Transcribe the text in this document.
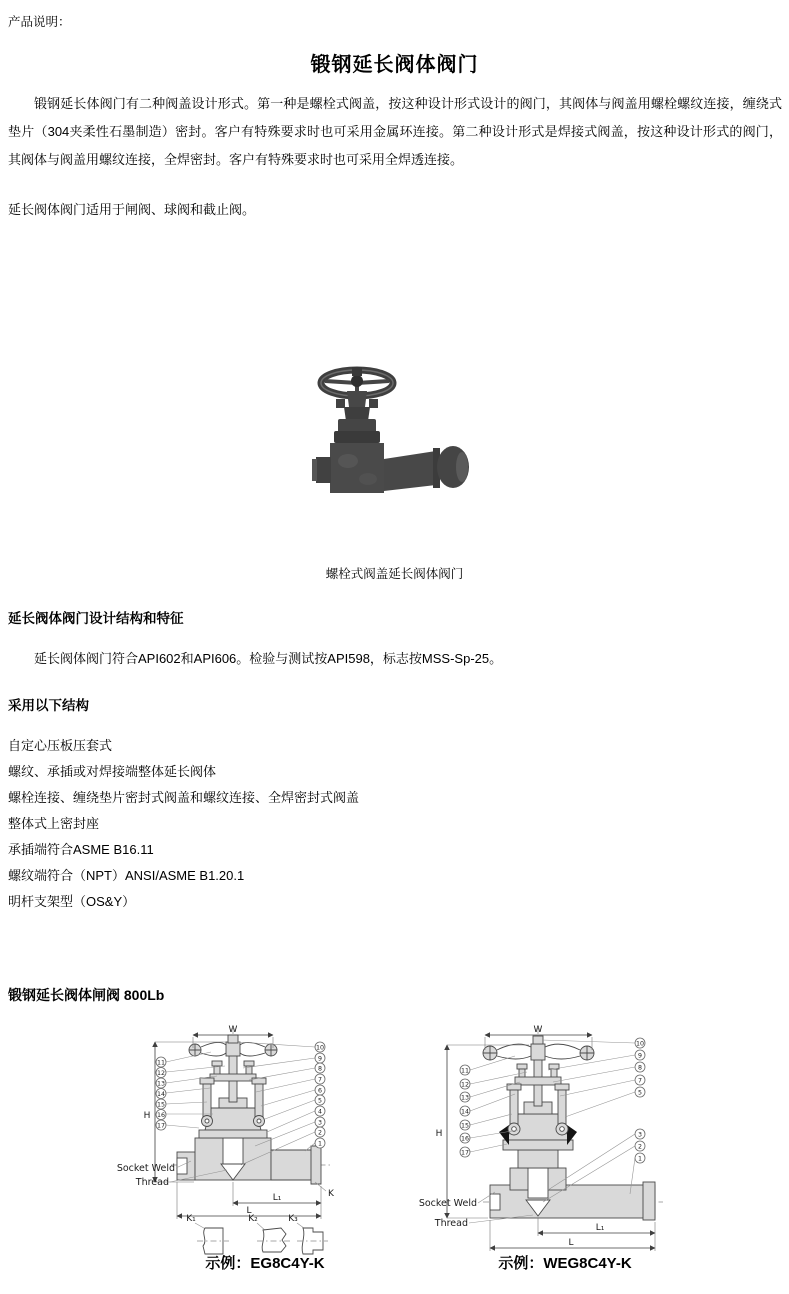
产品说明：
锻钢延长阀体阀门
锻钢延长体阀门有二种阀盖设计形式。第一种是螺栓式阀盖，按这种设计形式设计的阀门，其阀体与阀盖用螺栓螺纹连接，缠绕式垫片（304夹柔性石墨制造）密封。客户有特殊要求时也可采用金属环连接。第二种设计形式是焊接式阀盖，按这种设计形式的阀门，其阀体与阀盖用螺纹连接，全焊密封。客户有特殊要求时也可采用全焊透连接。
延长阀体阀门适用于闸阀、球阀和截止阀。
螺栓式阀盖延长阀体阀门
延长阀体阀门设计结构和特征
延长阀体阀门符合API602和API606。检验与测试按API598，标志按MSS-Sp-25。
采用以下结构
自定心压板压套式
螺纹、承插或对焊接端整体延长阀体
螺栓连接、缠绕垫片密封式阀盖和螺纹连接、全焊密封式阀盖
整体式上密封座
承插端符合ASME B16.11
螺纹端符合（NPT）ANSI/ASME B1.20.1
明杆支架型（OS&Y）
锻钢延长阀体闸阀 800Lb
W
H
L₁
L
K
Socket Weld
Thread
11
12
13
14
15
16
17
10
9
8
7
6
5
4
3
2
1
K₁	K₂	K₃
W
H
L₁
L
Socket Weld
Thread
11
12
13
14
15
16
17
10
9
8
7
5
3
2
1
示例：EG8C4Y-K	示例：WEG8C4Y-K
